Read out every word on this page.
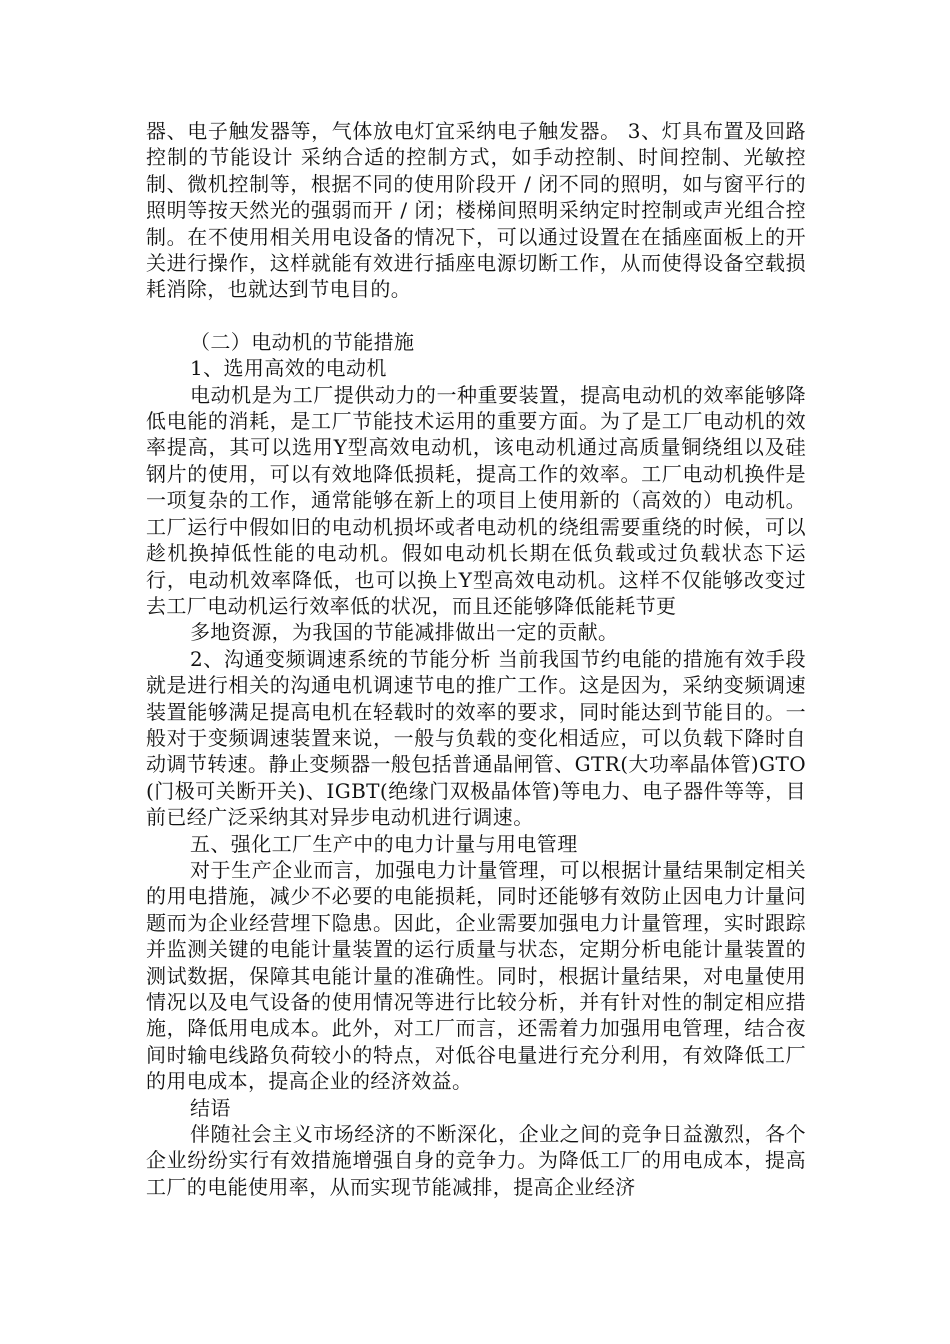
器、电子触发器等，气体放电灯宜采纳电子触发器。 3、灯具布置及回路控制的节能设计 采纳合适的控制方式，如手动控制、时间控制、光敏控制、微机控制等，根据不同的使用阶段开 / 闭不同的照明，如与窗平行的照明等按天然光的强弱而开 / 闭；楼梯间照明采纳定时控制或声光组合控制。在不使用相关用电设备的情况下，可以通过设置在在插座面板上的开关进行操作，这样就能有效进行插座电源切断工作，从而使得设备空载损耗消除，也就达到节电目的。

（二）电动机的节能措施

1、选用高效的电动机

电动机是为工厂提供动力的一种重要装置，提高电动机的效率能够降低电能的消耗，是工厂节能技术运用的重要方面。为了是工厂电动机的效率提高，其可以选用Y型高效电动机，该电动机通过高质量铜绕组以及硅钢片的使用，可以有效地降低损耗，提高工作的效率。工厂电动机换件是一项复杂的工作，通常能够在新上的项目上使用新的（高效的）电动机。工厂运行中假如旧的电动机损坏或者电动机的绕组需要重绕的时候，可以趁机换掉低性能的电动机。假如电动机长期在低负载或过负载状态下运行，电动机效率降低，也可以换上Y型高效电动机。这样不仅能够改变过去工厂电动机运行效率低的状况，而且还能够降低能耗节更

多地资源，为我国的节能减排做出一定的贡献。

2、沟通变频调速系统的节能分析 当前我国节约电能的措施有效手段就是进行相关的沟通电机调速节电的推广工作。这是因为，采纳变频调速装置能够满足提高电机在轻载时的效率的要求，同时能达到节能目的。一般对于变频调速装置来说，一般与负载的变化相适应，可以负载下降时自动调节转速。静止变频器一般包括普通晶闸管、GTR(大功率晶体管)GTO(门极可关断开关)、IGBT(绝缘门双极晶体管)等电力、电子器件等等，目前已经广泛采纳其对异步电动机进行调速。

五、强化工厂生产中的电力计量与用电管理

对于生产企业而言，加强电力计量管理，可以根据计量结果制定相关的用电措施，减少不必要的电能损耗，同时还能够有效防止因电力计量问题而为企业经营埋下隐患。因此，企业需要加强电力计量管理，实时跟踪并监测关键的电能计量装置的运行质量与状态，定期分析电能计量装置的测试数据，保障其电能计量的准确性。同时，根据计量结果，对电量使用情况以及电气设备的使用情况等进行比较分析，并有针对性的制定相应措施，降低用电成本。此外，对工厂而言，还需着力加强用电管理，结合夜间时输电线路负荷较小的特点，对低谷电量进行充分利用，有效降低工厂的用电成本，提高企业的经济效益。

结语

伴随社会主义市场经济的不断深化，企业之间的竞争日益激烈，各个企业纷纷实行有效措施增强自身的竞争力。为降低工厂的用电成本，提高工厂的电能使用率，从而实现节能减排，提高企业经济
